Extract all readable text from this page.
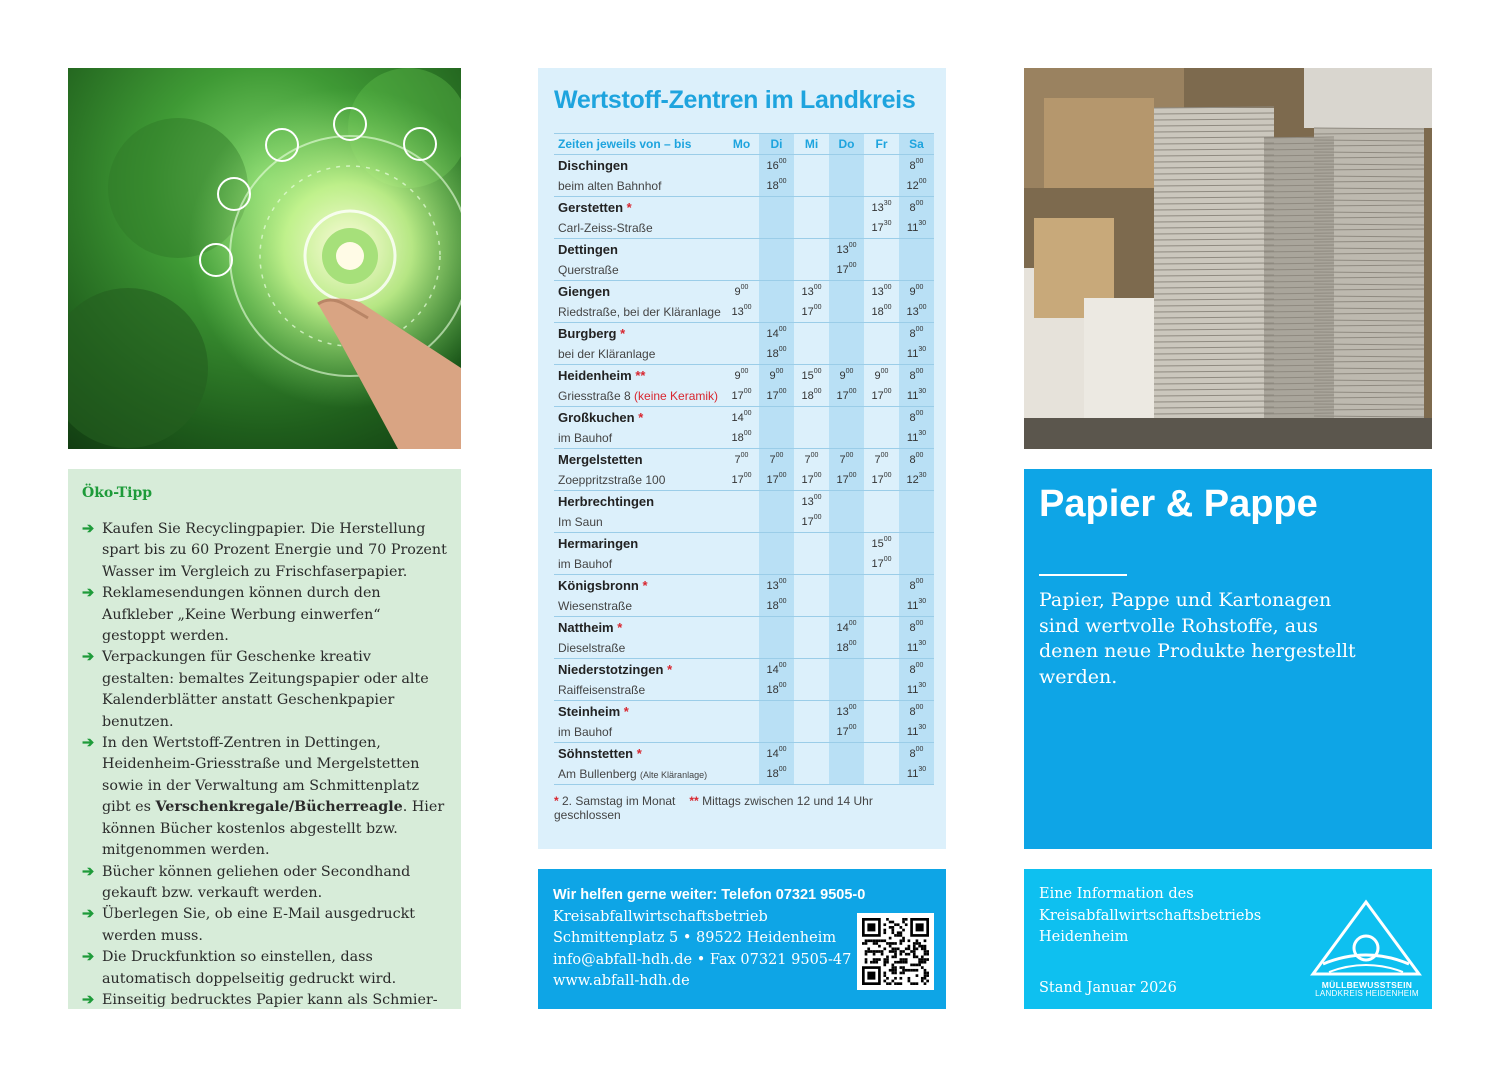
Öko-Tipp
➔ Kaufen Sie Recyclingpapier. Die Herstellung spart bis zu 60 Prozent Energie und 70 Prozent Wasser im Vergleich zu Frischfaserpapier.
➔ Reklamesendungen können durch den Aufkleber „Keine Werbung einwerfen“ gestoppt werden.
➔ Verpackungen für Geschenke kreativ gestalten: bemaltes Zeitungspapier oder alte Kalenderblätter anstatt Geschenkpapier benutzen.
➔ In den Wertstoff-Zentren in Dettingen, Heidenheim-Griesstraße und Mergelstetten sowie in der Verwaltung am Schmittenplatz gibt es Verschenkregale/Bücherreagle. Hier können Bücher kostenlos abgestellt bzw. mitgenommen werden.
➔ Bücher können geliehen oder Secondhand gekauft bzw. verkauft werden.
➔ Überlegen Sie, ob eine E-Mail ausgedruckt werden muss.
➔ Die Druckfunktion so einstellen, dass automatisch doppelseitig gedruckt wird.
➔ Einseitig bedrucktes Papier kann als Schmier-
Wertstoff-Zentren im Landkreis
Zeiten jeweils von – bis	Mo	Di	Mi	Do	Fr	Sa
Dischingen		$16^{00}$				$8^{00}$
beim alten Bahnhof		$18^{00}$				$12^{00}$
Gerstetten *					$13^{30}$	$8^{00}$
Carl-Zeiss-Straße					$17^{30}$	$11^{30}$
Dettingen				$13^{00}$		
Querstraße				$17^{00}$		
Giengen	$9^{00}$		$13^{00}$		$13^{00}$	$9^{00}$
Riedstraße, bei der Kläranlage	$13^{00}$		$17^{00}$		$18^{00}$	$13^{00}$
Burgberg *		$14^{00}$				$8^{00}$
bei der Kläranlage		$18^{00}$				$11^{30}$
Heidenheim **	$9^{00}$	$9^{00}$	$15^{00}$	$9^{00}$	$9^{00}$	$8^{00}$
Griesstraße 8 (keine Keramik)	$17^{00}$	$17^{00}$	$18^{00}$	$17^{00}$	$17^{00}$	$11^{30}$
Großkuchen *	$14^{00}$					$8^{00}$
im Bauhof	$18^{00}$					$11^{30}$
Mergelstetten	$7^{00}$	$7^{00}$	$7^{00}$	$7^{00}$	$7^{00}$	$8^{00}$
Zoeppritzstraße 100	$17^{00}$	$17^{00}$	$17^{00}$	$17^{00}$	$17^{00}$	$12^{30}$
Herbrechtingen			$13^{00}$			
Im Saun			$17^{00}$			
Hermaringen					$15^{00}$	
im Bauhof					$17^{00}$	
Königsbronn *		$13^{00}$				$8^{00}$
Wiesenstraße		$18^{00}$				$11^{30}$
Nattheim *				$14^{00}$		$8^{00}$
Dieselstraße				$18^{00}$		$11^{30}$
Niederstotzingen *		$14^{00}$				$8^{00}$
Raiffeisenstraße		$18^{00}$				$11^{30}$
Steinheim *				$13^{00}$		$8^{00}$
im Bauhof				$17^{00}$		$11^{30}$
Söhnstetten *		$14^{00}$				$8^{00}$
Am Bullenberg (Alte Kläranlage)		$18^{00}$				$11^{30}$
* 2. Samstag im Monat ** Mittags zwischen 12 und 14 Uhr geschlossen
Wir helfen gerne weiter: Telefon 07321 9505-0
Kreisabfallwirtschaftsbetrieb
Schmittenplatz 5 • 89522 Heidenheim
info@abfall-hdh.de • Fax 07321 9505-47
www.abfall-hdh.de
Papier & Pappe
Papier, Pappe und Kartonagen sind wertvolle Rohstoffe, aus denen neue Produkte hergestellt werden.
Eine Information des
Kreisabfallwirtschaftsbetriebs
Heidenheim
Stand Januar 2026	MÜLLBEWUSSTSEIN
LANDKREIS HEIDENHEIM
